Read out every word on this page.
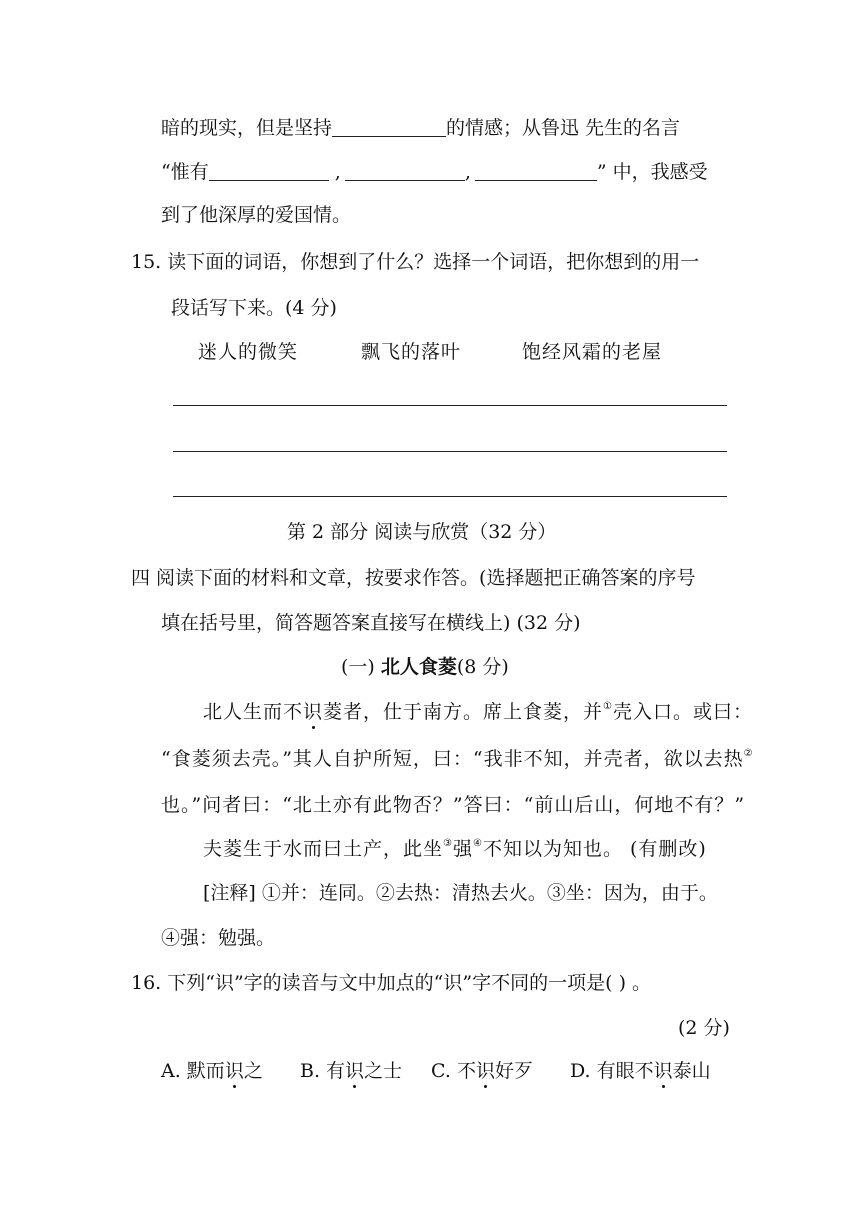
暗的现实，但是坚持	的情感；从鲁迅 先生的名言
“惟有	,	,	” 中，我感受
到了他深厚的爱国情。
15. 读下面的词语，你想到了什么？选择一个词语，把你想到的用一
段话写下来。(4 分)
迷人的微笑	飘飞的落叶	饱经风霜的老屋
第 2 部分 阅读与欣赏（32 分）
四 阅读下面的材料和文章，按要求作答。(选择题把正确答案的序号
填在括号里，简答题答案直接写在横线上) (32 分)
(一) 北人食菱(8 分)
北人生而不识菱者，仕于南方。席上食菱，并①壳入口。或曰：
“食菱须去壳。”其人自护所短，曰：“我非不知，并壳者，欲以去热②
也。”问者曰：“北土亦有此物否？”答曰：“前山后山，何地不有？”
夫菱生于水而曰土产，此坐③强④不知以为知也。 (有删改)
[注释] ①并：连同。②去热：清热去火。③坐：因为，由于。
④强：勉强。
16. 下列“识”字的读音与文中加点的“识”字不同的一项是( ) 。
(2 分)
A. 默而识之 B. 有识之士 C. 不识好歹 D. 有眼不识泰山
